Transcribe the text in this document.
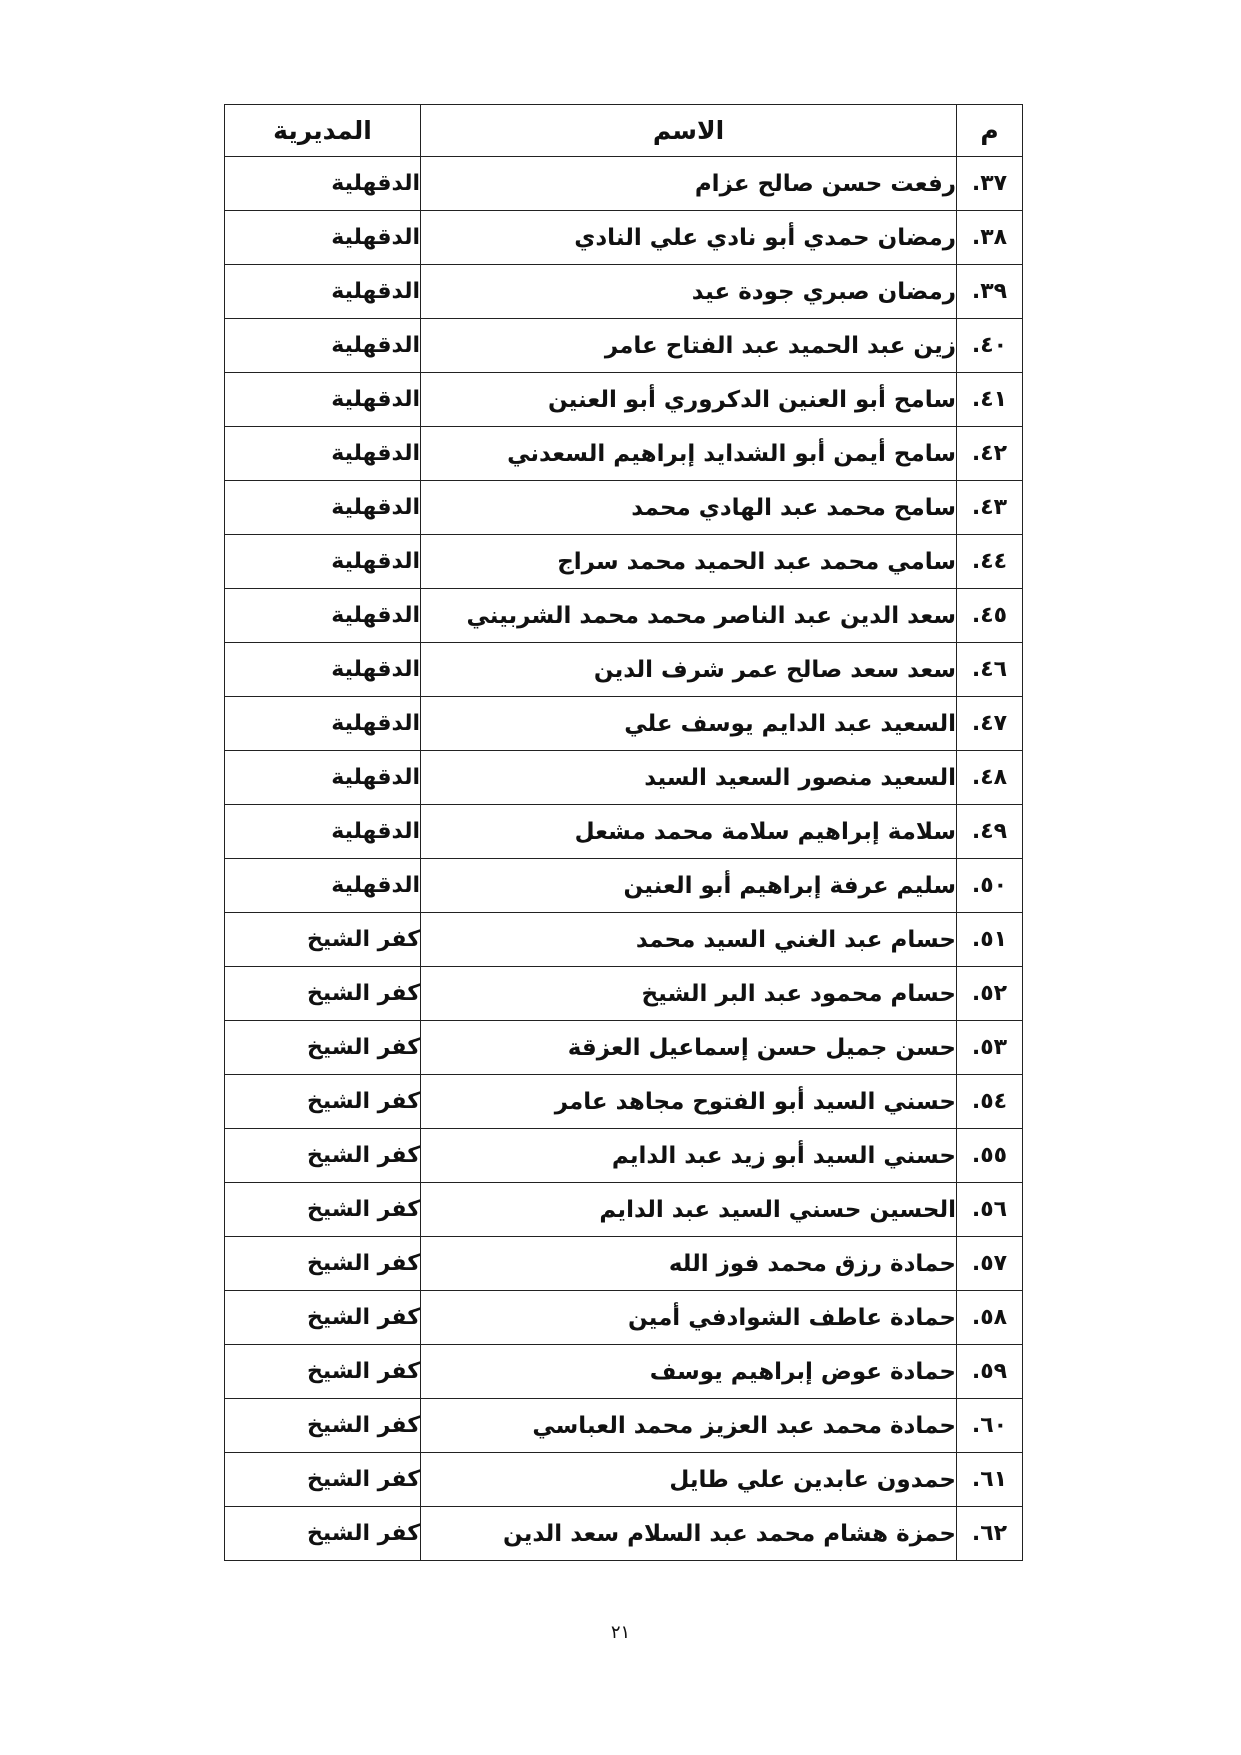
م	الاسم	المديرية
٣٧.	رفعت حسن صالح عزام	الدقهلية
٣٨.	رمضان حمدي أبو نادي علي النادي	الدقهلية
٣٩.	رمضان صبري جودة عيد	الدقهلية
٤٠.	زين عبد الحميد عبد الفتاح عامر	الدقهلية
٤١.	سامح أبو العنين الدكروري أبو العنين	الدقهلية
٤٢.	سامح أيمن أبو الشدايد إبراهيم السعدني	الدقهلية
٤٣.	سامح محمد عبد الهادي محمد	الدقهلية
٤٤.	سامي محمد عبد الحميد محمد سراج	الدقهلية
٤٥.	سعد الدين عبد الناصر محمد محمد الشربيني	الدقهلية
٤٦.	سعد سعد صالح عمر شرف الدين	الدقهلية
٤٧.	السعيد عبد الدايم يوسف علي	الدقهلية
٤٨.	السعيد منصور السعيد السيد	الدقهلية
٤٩.	سلامة إبراهيم سلامة محمد مشعل	الدقهلية
٥٠.	سليم عرفة إبراهيم أبو العنين	الدقهلية
٥١.	حسام عبد الغني السيد محمد	كفر الشيخ
٥٢.	حسام محمود عبد البر الشيخ	كفر الشيخ
٥٣.	حسن جميل حسن إسماعيل العزقة	كفر الشيخ
٥٤.	حسني السيد أبو الفتوح مجاهد عامر	كفر الشيخ
٥٥.	حسني السيد أبو زيد عبد الدايم	كفر الشيخ
٥٦.	الحسين حسني السيد عبد الدايم	كفر الشيخ
٥٧.	حمادة رزق محمد فوز الله	كفر الشيخ
٥٨.	حمادة عاطف الشوادفي أمين	كفر الشيخ
٥٩.	حمادة عوض إبراهيم يوسف	كفر الشيخ
٦٠.	حمادة محمد عبد العزيز محمد العباسي	كفر الشيخ
٦١.	حمدون عابدين علي طايل	كفر الشيخ
٦٢.	حمزة هشام محمد عبد السلام سعد الدين	كفر الشيخ
٢١
